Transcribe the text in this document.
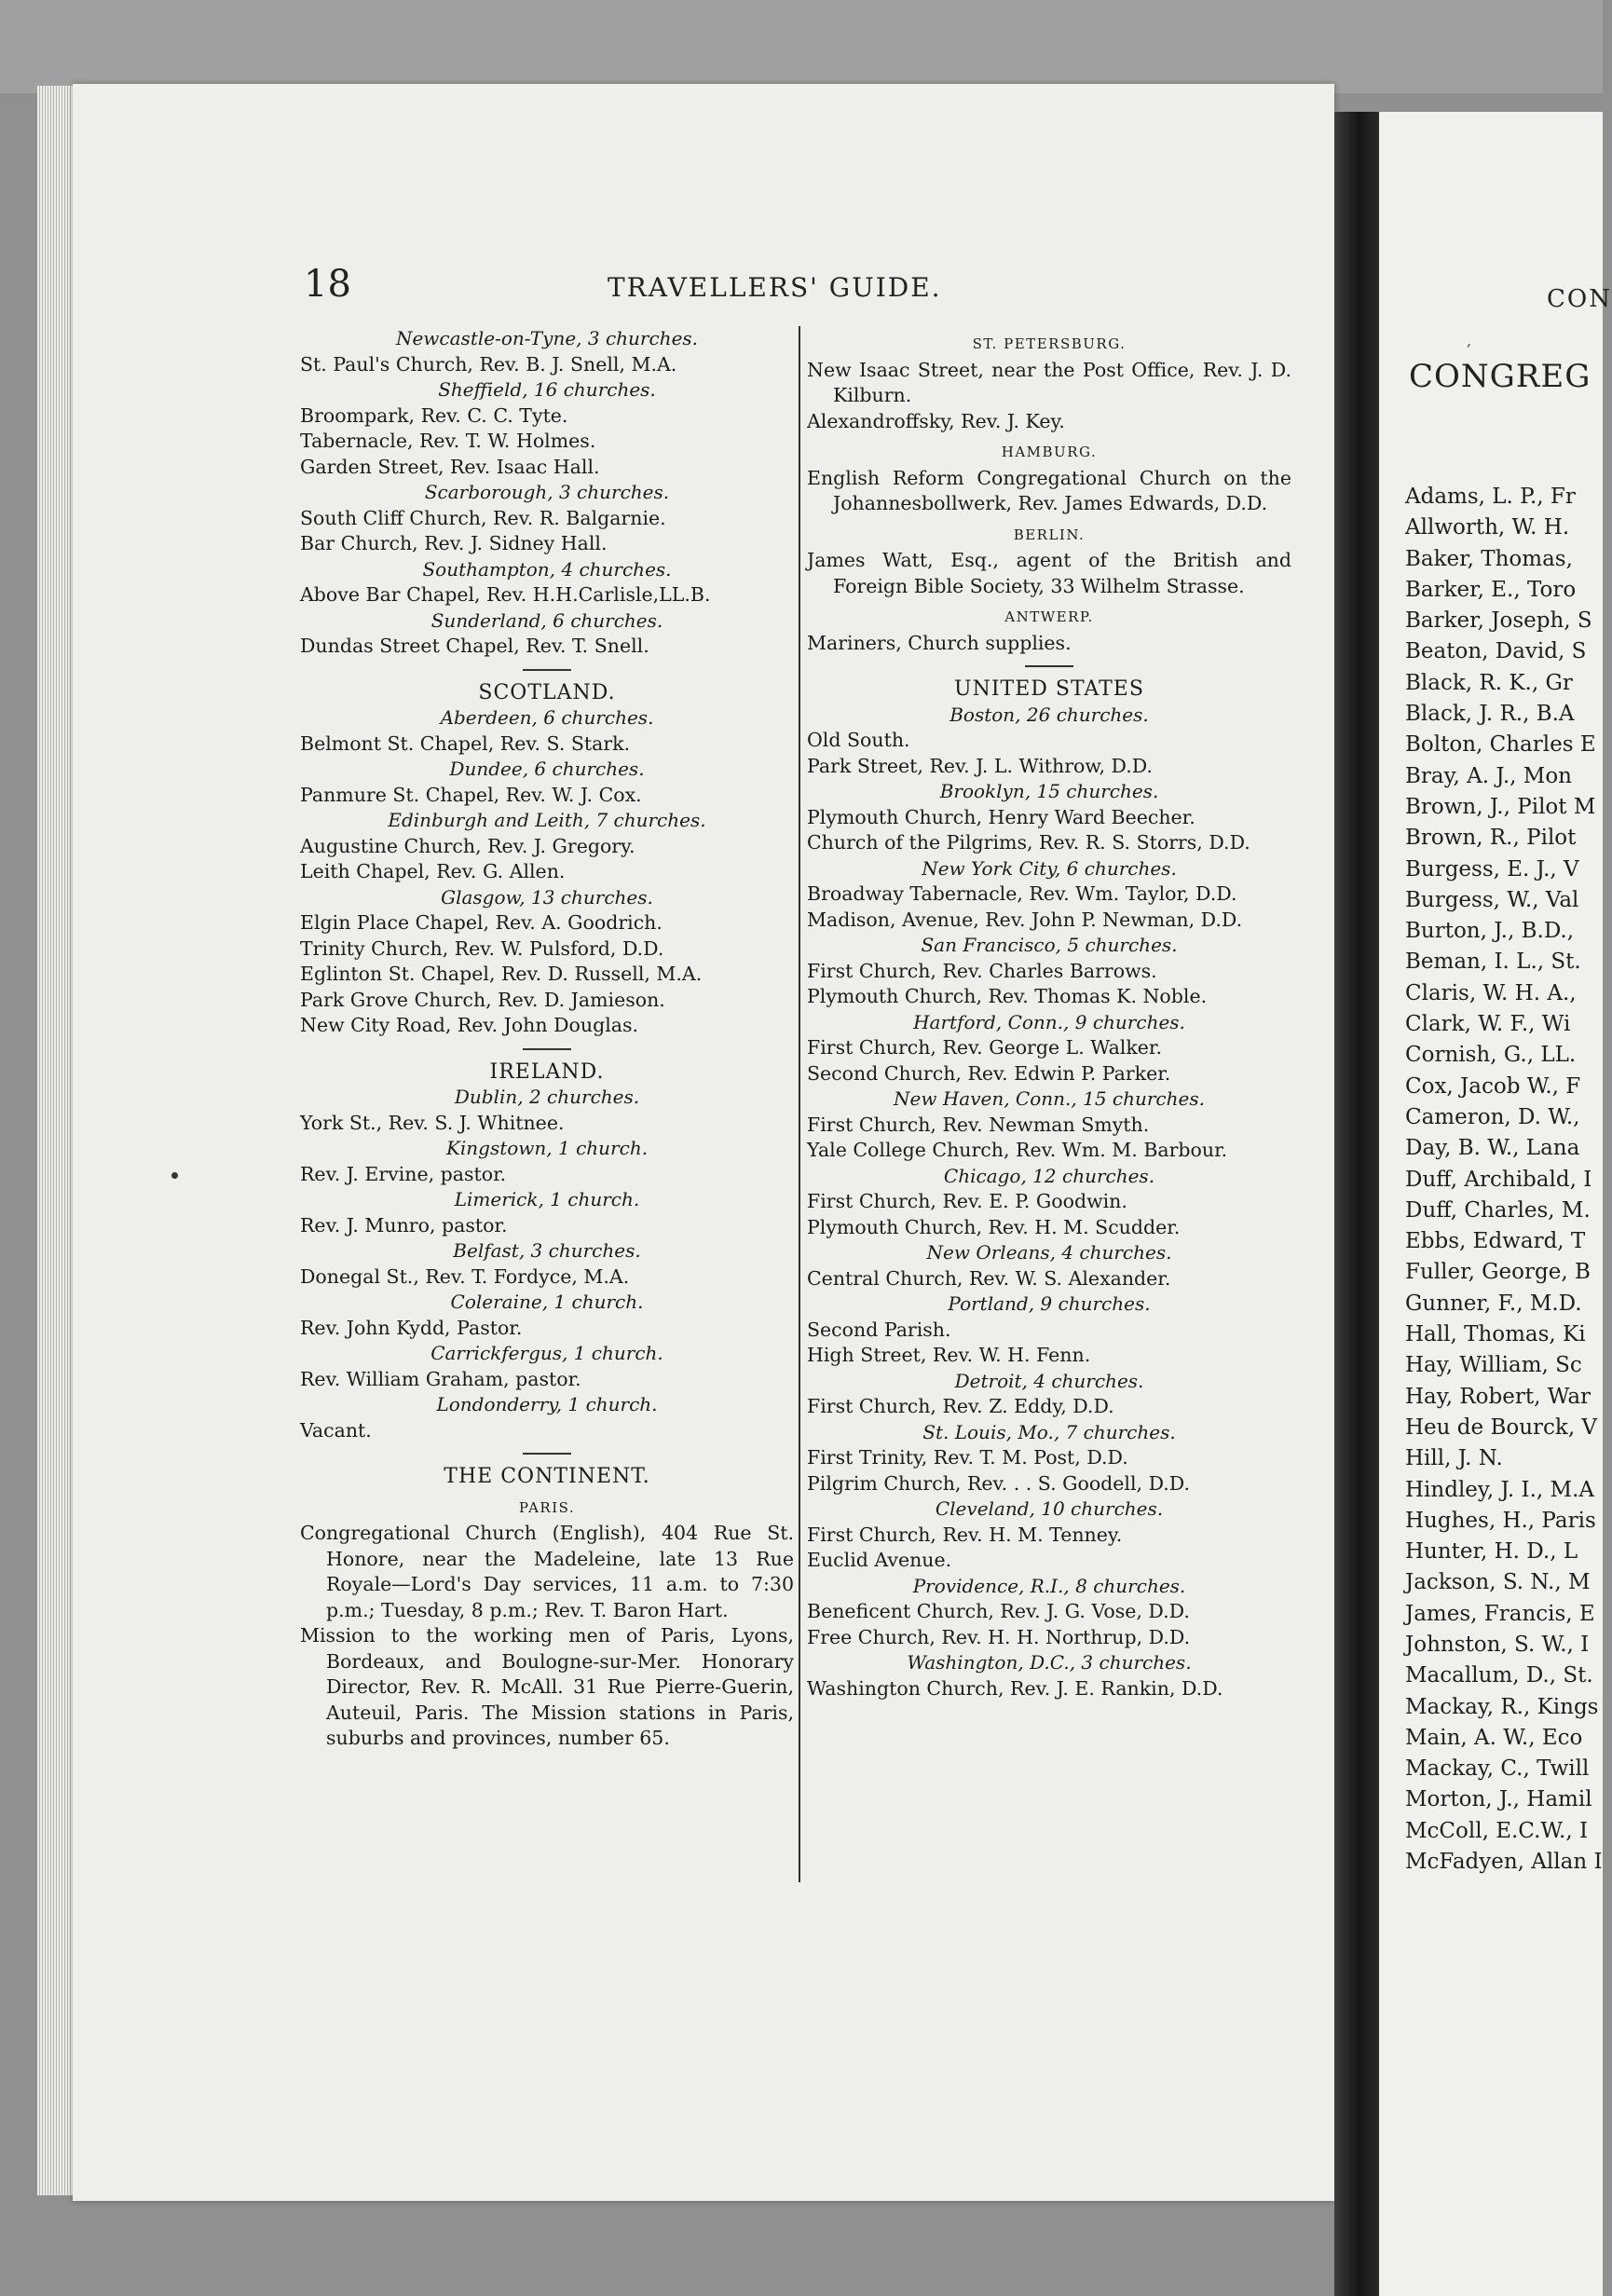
18	TRAVELLERS' GUIDE.
Newcastle-on-Tyne, 3 churches.
St. Paul's Church, Rev. B. J. Snell, M.A.
Sheffield, 16 churches.
Broompark, Rev. C. C. Tyte.
Tabernacle, Rev. T. W. Holmes.
Garden Street, Rev. Isaac Hall.
Scarborough, 3 churches.
South Cliff Church, Rev. R. Balgarnie.
Bar Church, Rev. J. Sidney Hall.
Southampton, 4 churches.
Above Bar Chapel, Rev. H.H.Carlisle,LL.B.
Sunderland, 6 churches.
Dundas Street Chapel, Rev. T. Snell.
SCOTLAND.
Aberdeen, 6 churches.
Belmont St. Chapel, Rev. S. Stark.
Dundee, 6 churches.
Panmure St. Chapel, Rev. W. J. Cox.
Edinburgh and Leith, 7 churches.
Augustine Church, Rev. J. Gregory.
Leith Chapel, Rev. G. Allen.
Glasgow, 13 churches.
Elgin Place Chapel, Rev. A. Goodrich.
Trinity Church, Rev. W. Pulsford, D.D.
Eglinton St. Chapel, Rev. D. Russell, M.A.
Park Grove Church, Rev. D. Jamieson.
New City Road, Rev. John Douglas.
IRELAND.
Dublin, 2 churches.
York St., Rev. S. J. Whitnee.
Kingstown, 1 church.
Rev. J. Ervine, pastor.
Limerick, 1 church.
Rev. J. Munro, pastor.
Belfast, 3 churches.
Donegal St., Rev. T. Fordyce, M.A.
Coleraine, 1 church.
Rev. John Kydd, Pastor.
Carrickfergus, 1 church.
Rev. William Graham, pastor.
Londonderry, 1 church.
Vacant.
THE CONTINENT.
PARIS.
Congregational Church (English), 404 Rue St. Honore, near the Madeleine, late 13 Rue Royale—Lord's Day services, 11 a.m. to 7:30 p.m.; Tuesday, 8 p.m.; Rev. T. Baron Hart.
Mission to the working men of Paris, Lyons, Bordeaux, and Boulogne-sur-Mer. Honorary Director, Rev. R. McAll. 31 Rue Pierre-Guerin, Auteuil, Paris. The Mission stations in Paris, suburbs and provinces, number 65.
ST. PETERSBURG.
New Isaac Street, near the Post Office, Rev. J. D. Kilburn.
Alexandroffsky, Rev. J. Key.
HAMBURG.
English Reform Congregational Church on the Johannesbollwerk, Rev. James Edwards, D.D.
BERLIN.
James Watt, Esq., agent of the British and Foreign Bible Society, 33 Wilhelm Strasse.
ANTWERP.
Mariners, Church supplies.
UNITED STATES
Boston, 26 churches.
Old South.
Park Street, Rev. J. L. Withrow, D.D.
Brooklyn, 15 churches.
Plymouth Church, Henry Ward Beecher.
Church of the Pilgrims, Rev. R. S. Storrs, D.D.
New York City, 6 churches.
Broadway Tabernacle, Rev. Wm. Taylor, D.D.
Madison, Avenue, Rev. John P. Newman, D.D.
San Francisco, 5 churches.
First Church, Rev. Charles Barrows.
Plymouth Church, Rev. Thomas K. Noble.
Hartford, Conn., 9 churches.
First Church, Rev. George L. Walker.
Second Church, Rev. Edwin P. Parker.
New Haven, Conn., 15 churches.
First Church, Rev. Newman Smyth.
Yale College Church, Rev. Wm. M. Barbour.
Chicago, 12 churches.
First Church, Rev. E. P. Goodwin.
Plymouth Church, Rev. H. M. Scudder.
New Orleans, 4 churches.
Central Church, Rev. W. S. Alexander.
Portland, 9 churches.
Second Parish.
High Street, Rev. W. H. Fenn.
Detroit, 4 churches.
First Church, Rev. Z. Eddy, D.D.
St. Louis, Mo., 7 churches.
First Trinity, Rev. T. M. Post, D.D.
Pilgrim Church, Rev. . . S. Goodell, D.D.
Cleveland, 10 churches.
First Church, Rev. H. M. Tenney.
Euclid Avenue.
Providence, R.I., 8 churches.
Beneficent Church, Rev. J. G. Vose, D.D.
Free Church, Rev. H. H. Northrup, D.D.
Washington, D.C., 3 churches.
Washington Church, Rev. J. E. Rankin, D.D.
CON
,
CONGREG
Adams, L. P., Fr
Allworth, W. H.
Baker, Thomas,
Barker, E., Toro
Barker, Joseph, S
Beaton, David, S
Black, R. K., Gr
Black, J. R., B.A
Bolton, Charles E
Bray, A. J., Mon
Brown, J., Pilot M
Brown, R., Pilot
Burgess, E. J., V
Burgess, W., Val
Burton, J., B.D.,
Beman, I. L., St.
Claris, W. H. A.,
Clark, W. F., Wi
Cornish, G., LL.
Cox, Jacob W., F
Cameron, D. W.,
Day, B. W., Lana
Duff, Archibald, I
Duff, Charles, M.
Ebbs, Edward, T
Fuller, George, B
Gunner, F., M.D.
Hall, Thomas, Ki
Hay, William, Sc
Hay, Robert, War
Heu de Bourck, V
Hill, J. N.
Hindley, J. I., M.A
Hughes, H., Paris
Hunter, H. D., L
Jackson, S. N., M
James, Francis, E
Johnston, S. W., I
Macallum, D., St.
Mackay, R., Kings
Main, A. W., Eco
Mackay, C., Twill
Morton, J., Hamil
McColl, E.C.W., I
McFadyen, Allan I
